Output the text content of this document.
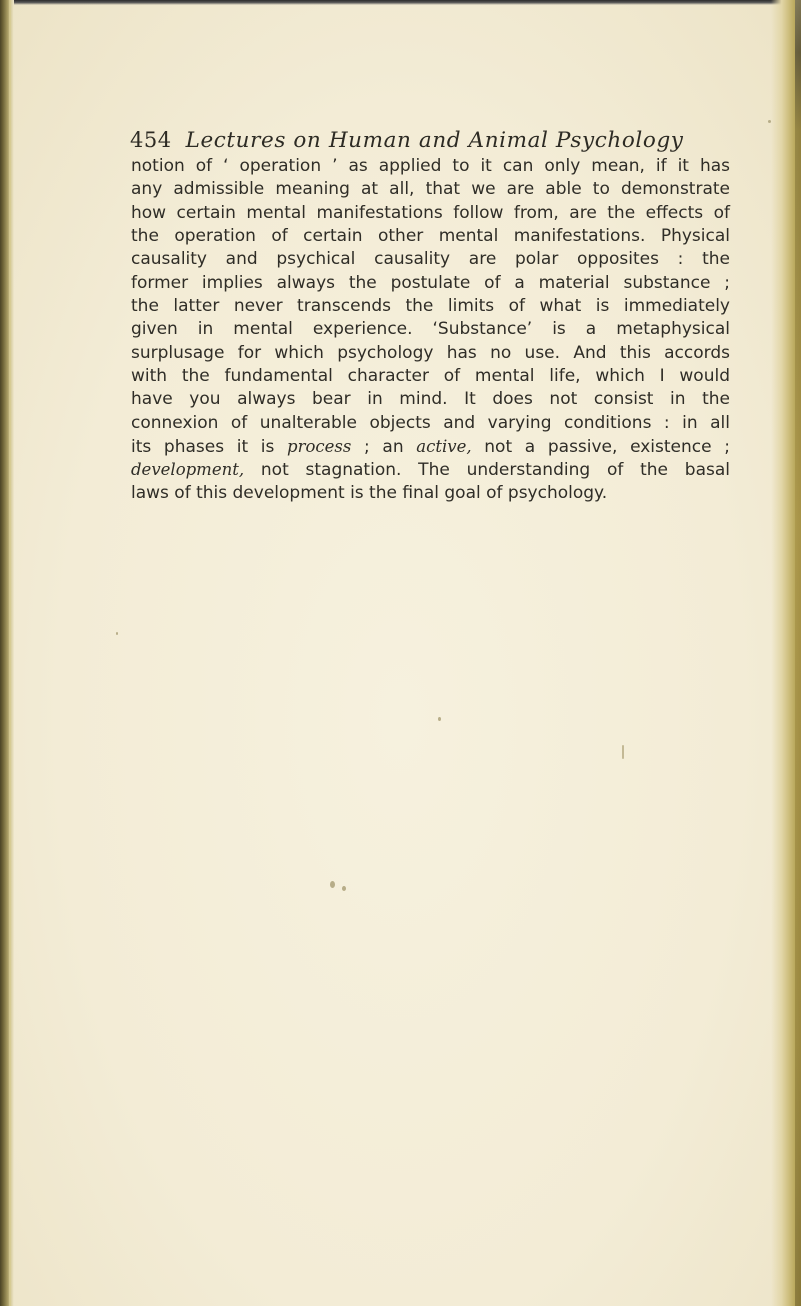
454 Lectures on Human and Animal Psychology
notion of ‘ operation ’ as applied to it can only mean, if it has
any admissible meaning at all, that we are able to demonstrate
how certain mental manifestations follow from, are the effects of
the operation of certain other mental manifestations. Physical
causality and psychical causality are polar opposites : the
former implies always the postulate of a material substance ;
the latter never transcends the limits of what is immediately
given in mental experience. ‘Substance’ is a metaphysical
surplusage for which psychology has no use. And this accords
with the fundamental character of mental life, which I would
have you always bear in mind. It does not consist in the
connexion of unalterable objects and varying conditions : in all
its phases it is process ; an active, not a passive, existence ;
development, not stagnation. The understanding of the basal
laws of this development is the final goal of psychology.
